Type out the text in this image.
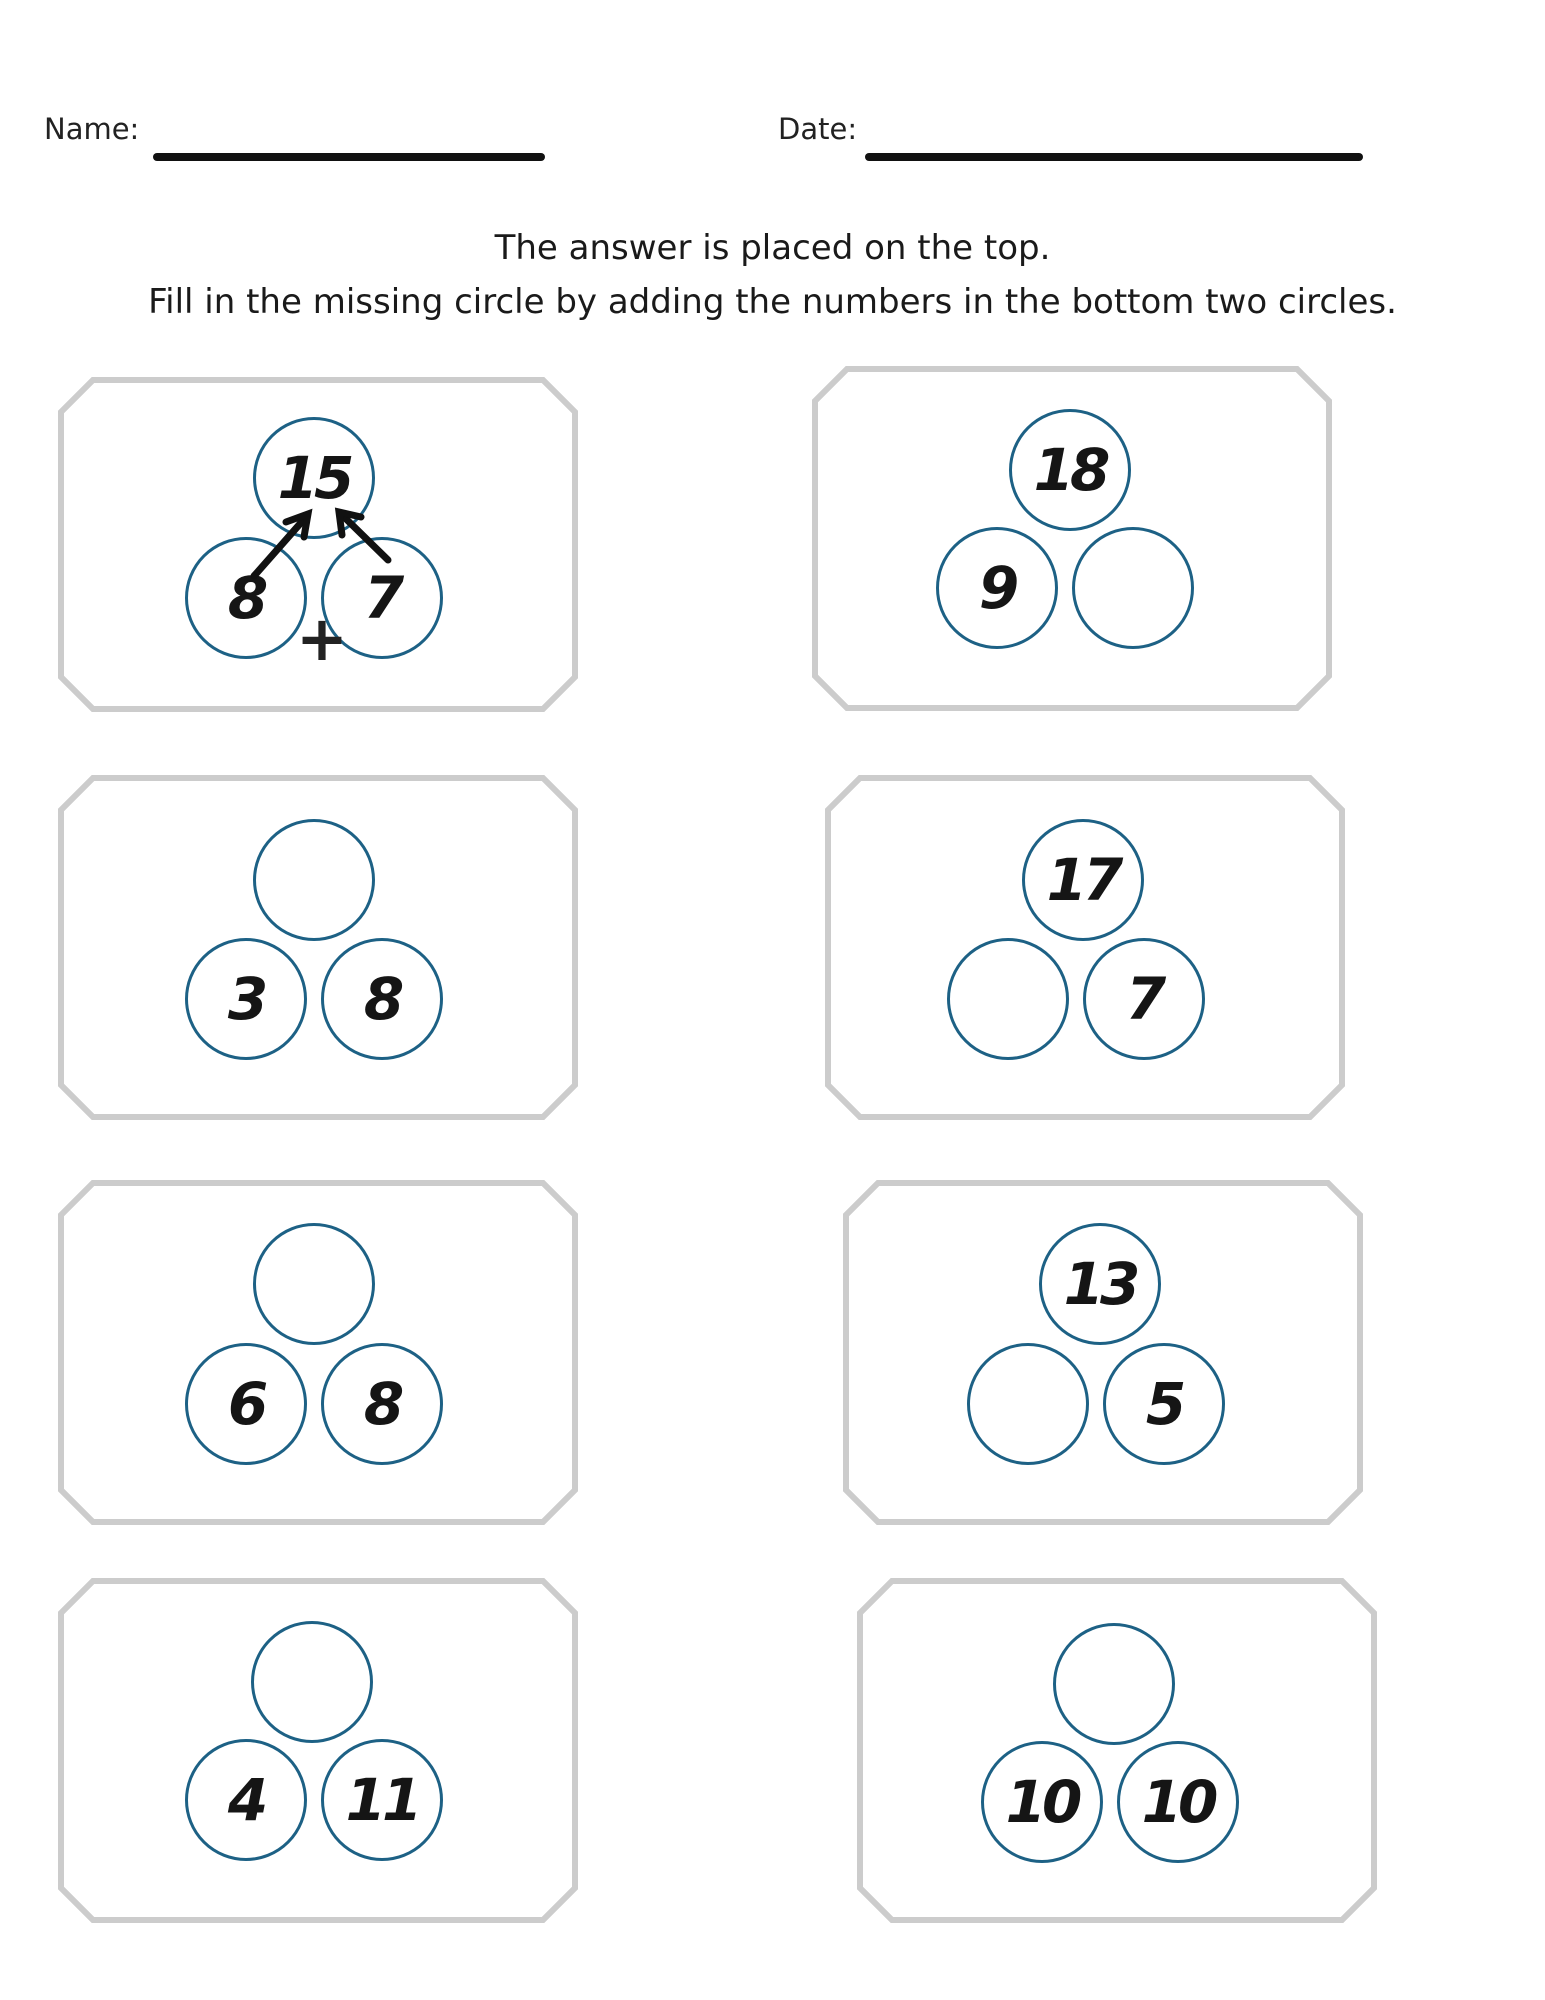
Name:	Date:
The answer is placed on the top.
Fill in the missing circle by adding the numbers in the bottom two circles.
15
8	7
+
18
9
3	8
17
7
6	8
13
5
4	11	10	10
